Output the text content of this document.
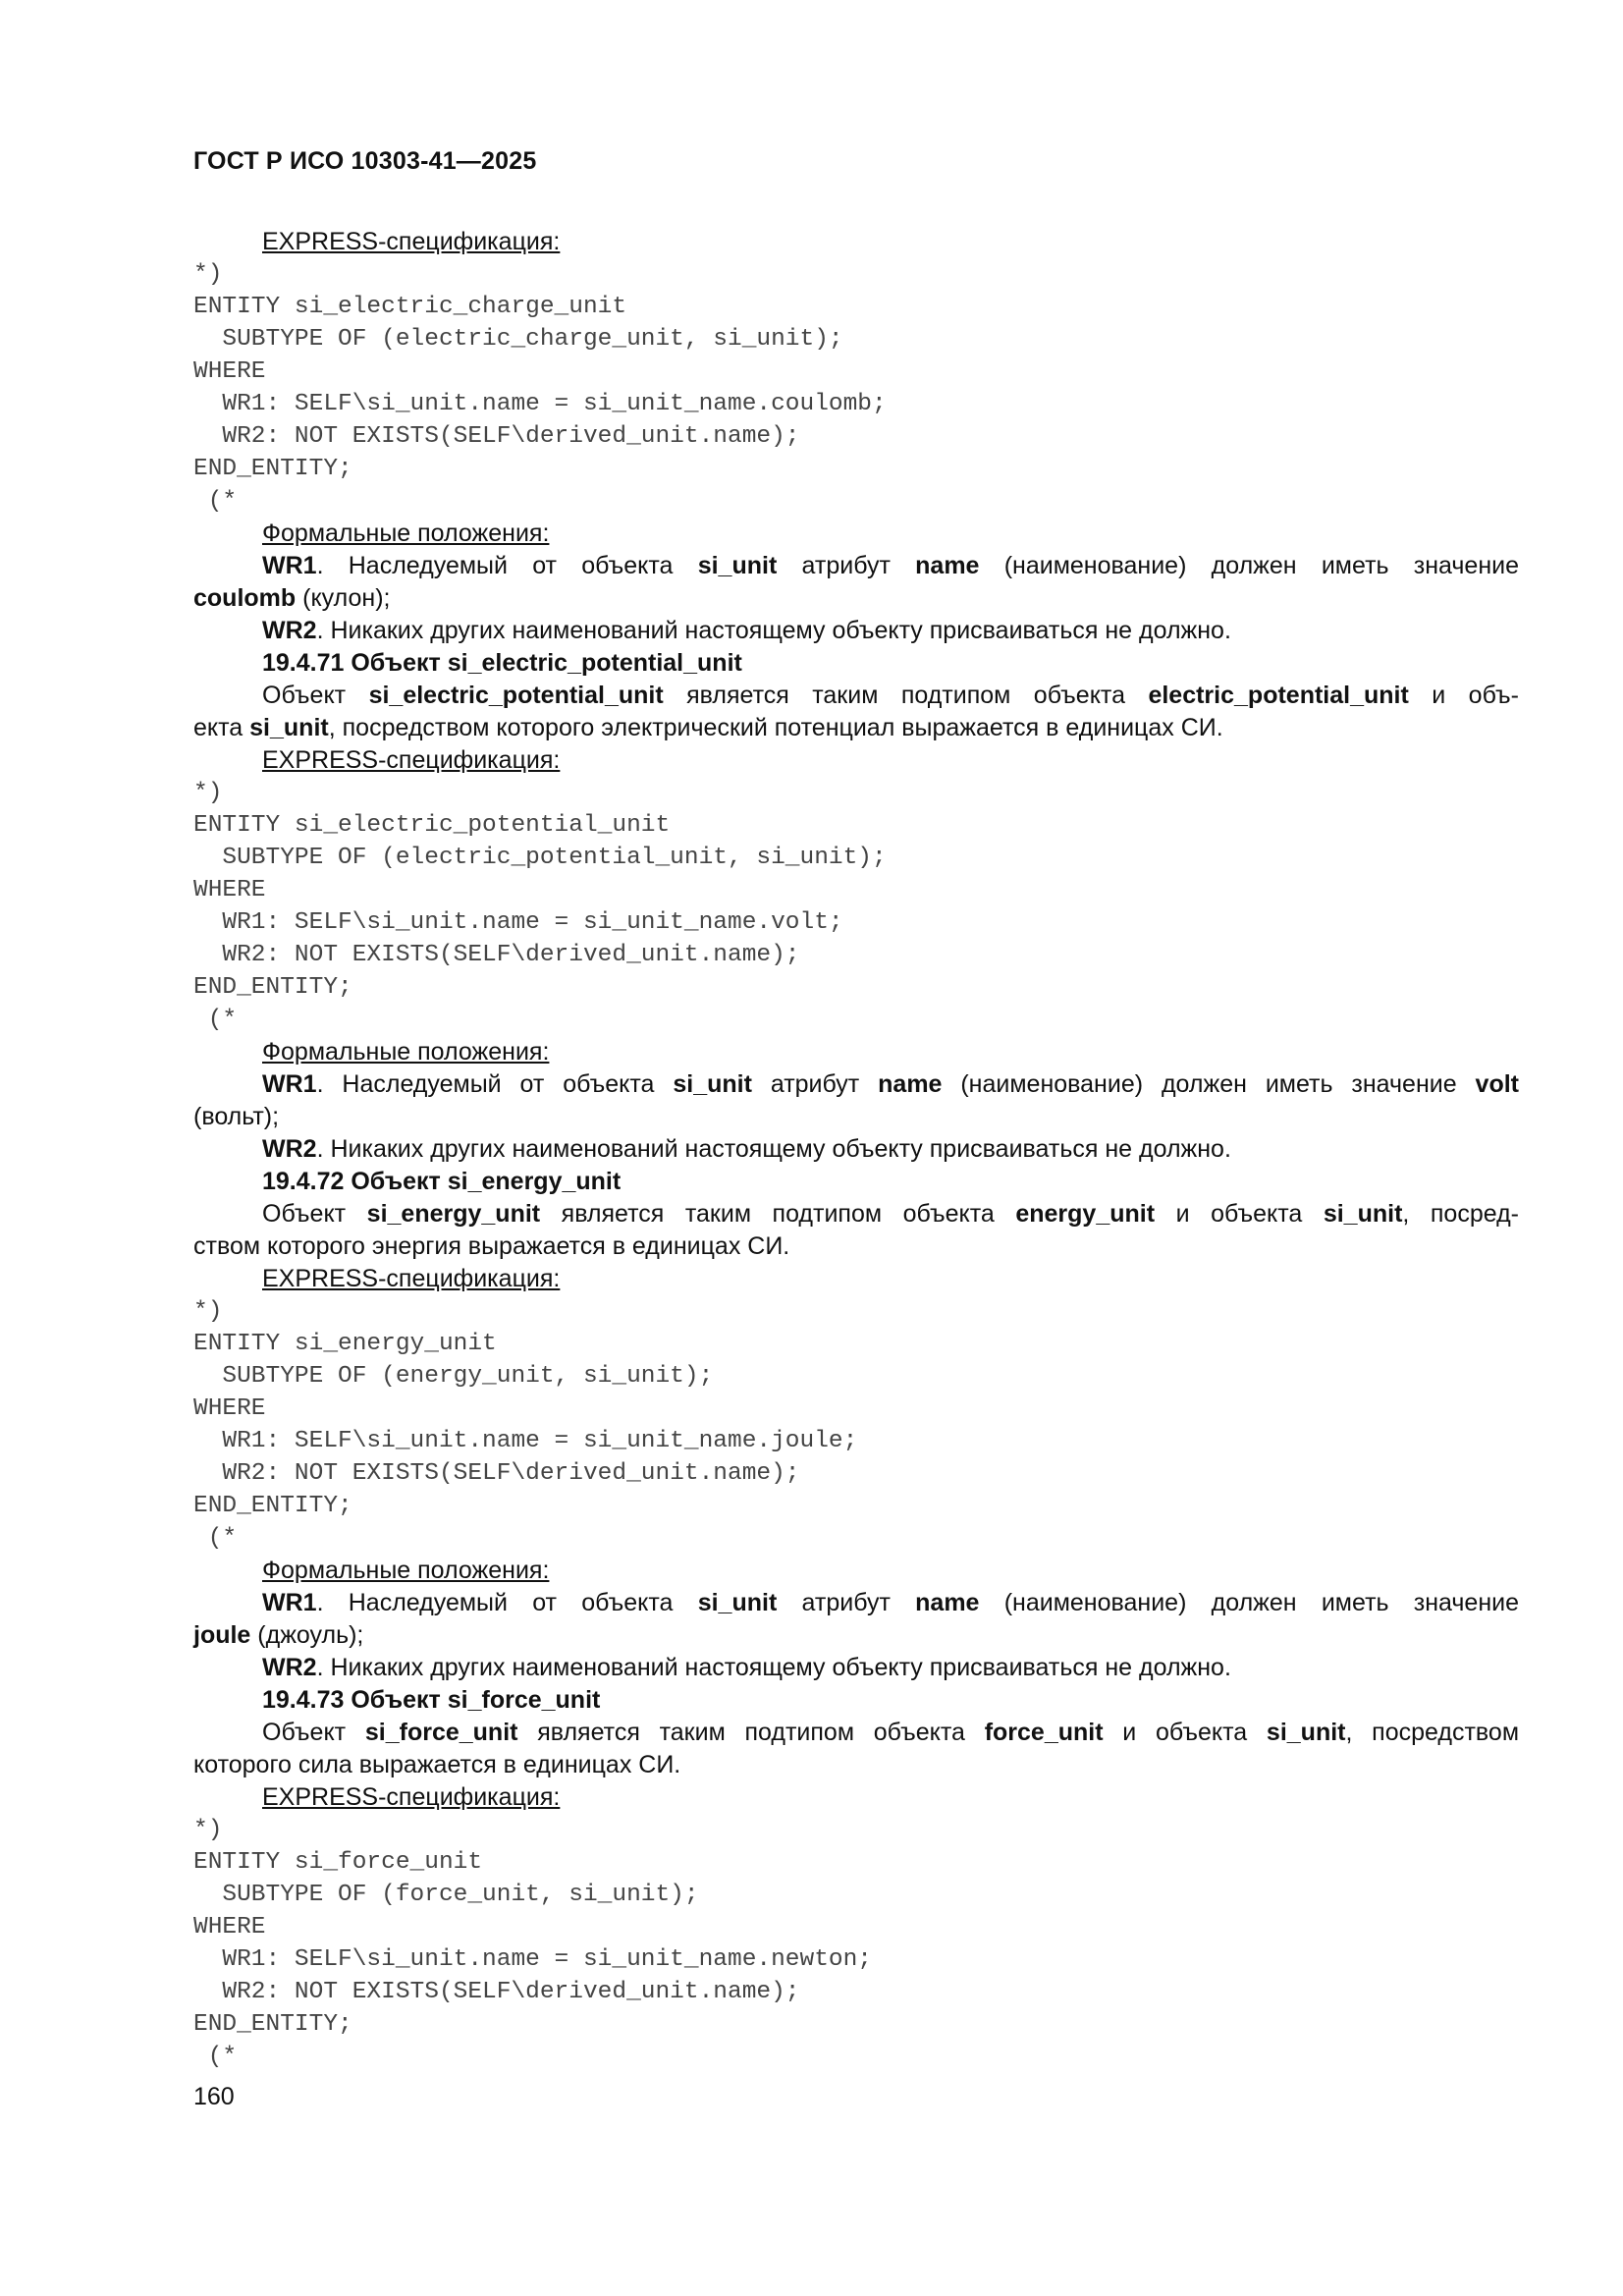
ГОСТ Р ИСО 10303-41—2025
EXPRESS-спецификация:
*)
ENTITY si_electric_charge_unit
SUBTYPE OF (electric_charge_unit, si_unit);
WHERE
WR1: SELF\si_unit.name = si_unit_name.coulomb;
WR2: NOT EXISTS(SELF\derived_unit.name);
END_ENTITY;
(*
Формальные положения:
WR1. Наследуемый от объекта si_unit атрибут name (наименование) должен иметь значение
coulomb (кулон);
WR2. Никаких других наименований настоящему объекту присваиваться не должно.
19.4.71 Объект si_electric_potential_unit
Объект si_electric_potential_unit является таким подтипом объекта electric_potential_unit и объ-
екта si_unit, посредством которого электрический потенциал выражается в единицах СИ.
EXPRESS-спецификация:
*)
ENTITY si_electric_potential_unit
SUBTYPE OF (electric_potential_unit, si_unit);
WHERE
WR1: SELF\si_unit.name = si_unit_name.volt;
WR2: NOT EXISTS(SELF\derived_unit.name);
END_ENTITY;
(*
Формальные положения:
WR1. Наследуемый от объекта si_unit атрибут name (наименование) должен иметь значение volt
(вольт);
WR2. Никаких других наименований настоящему объекту присваиваться не должно.
19.4.72 Объект si_energy_unit
Объект si_energy_unit является таким подтипом объекта energy_unit и объекта si_unit, посред-
ством которого энергия выражается в единицах СИ.
EXPRESS-спецификация:
*)
ENTITY si_energy_unit
SUBTYPE OF (energy_unit, si_unit);
WHERE
WR1: SELF\si_unit.name = si_unit_name.joule;
WR2: NOT EXISTS(SELF\derived_unit.name);
END_ENTITY;
(*
Формальные положения:
WR1. Наследуемый от объекта si_unit атрибут name (наименование) должен иметь значение
joule (джоуль);
WR2. Никаких других наименований настоящему объекту присваиваться не должно.
19.4.73 Объект si_force_unit
Объект si_force_unit является таким подтипом объекта force_unit и объекта si_unit, посредством
которого сила выражается в единицах СИ.
EXPRESS-спецификация:
*)
ENTITY si_force_unit
SUBTYPE OF (force_unit, si_unit);
WHERE
WR1: SELF\si_unit.name = si_unit_name.newton;
WR2: NOT EXISTS(SELF\derived_unit.name);
END_ENTITY;
(*
160
